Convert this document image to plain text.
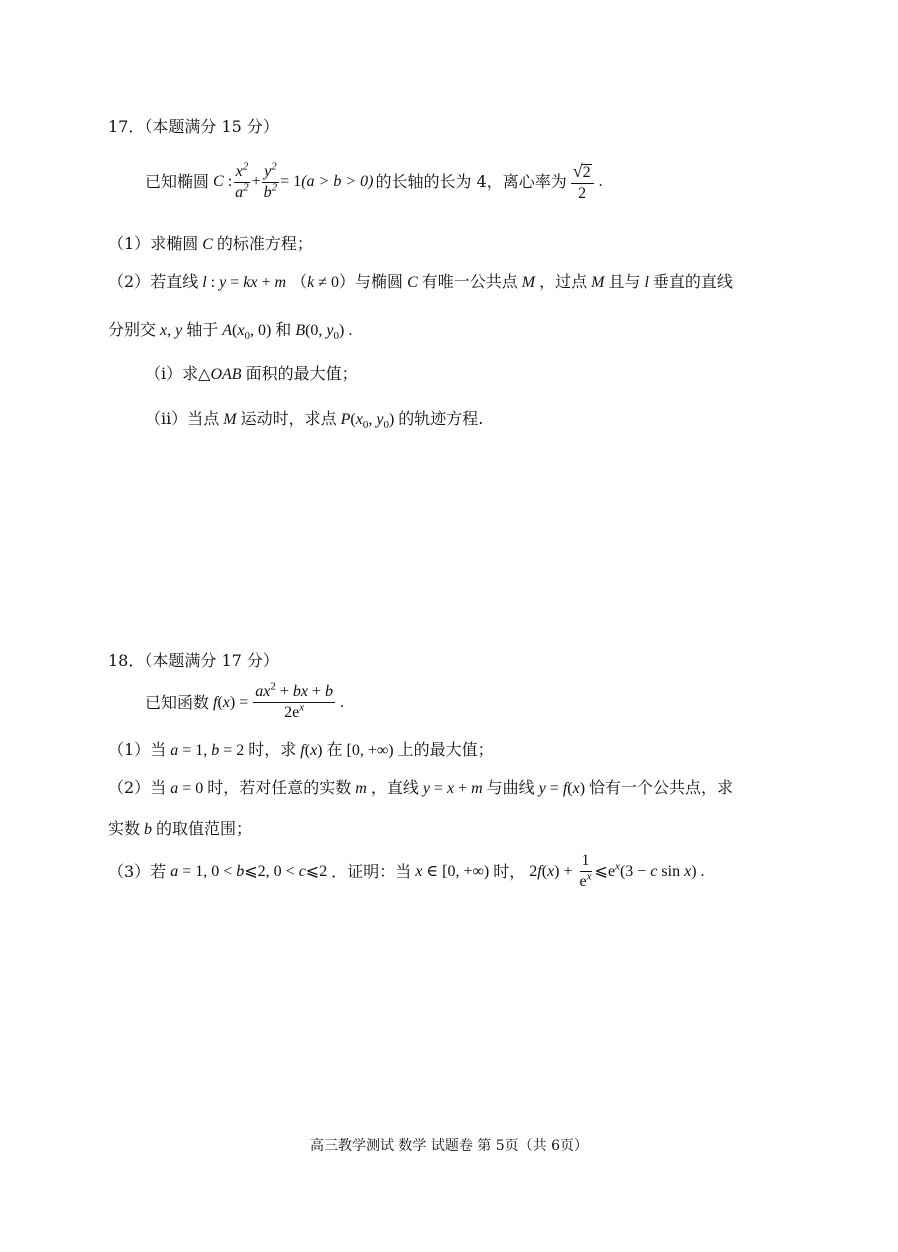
17．（本题满分 15 分）
已知椭圆 C : $\frac{x^2}{a^2} + \frac{y^2}{b^2} = 1$ (a > b > 0) 的长轴的长为 4，离心率为 $\frac{√2}{2}$ .
（1）求椭圆 C 的标准方程；
（2）若直线 l : y = kx + m （k ≠ 0）与椭圆 C 有唯一公共点 M ，过点 M 且与 l 垂直的直线
分别交 x, y 轴于 $A(x_0$, 0) 和 B(0, $y_0$) .
（i）求△OAB 面积的最大值；
（ii）当点 M 运动时，求点 $P(x_0$, $y_0$) 的轨迹方程.
18．（本题满分 17 分）
已知函数 $f(x) = \frac{ax^2 + bx + b}{2e^x}$ .
（1）当 a = 1, b = 2 时，求 f(x) 在 [0, +∞) 上的最大值；
（2）当 a = 0 时，若对任意的实数 m ，直线 y = x + m 与曲线 y = f(x) 恰有一个公共点，求
实数 b 的取值范围；
（3） 若 a = 1, 0 < b⩽2, 0 < c⩽2 ．证明：当 x ∈ [0, +∞) 时， $2f(x) + \frac{1}{e^x}$ $⩽e^x(3 - c$ sin x) .
高三教学测试 数学 试题卷 第 5页（共 6页）
